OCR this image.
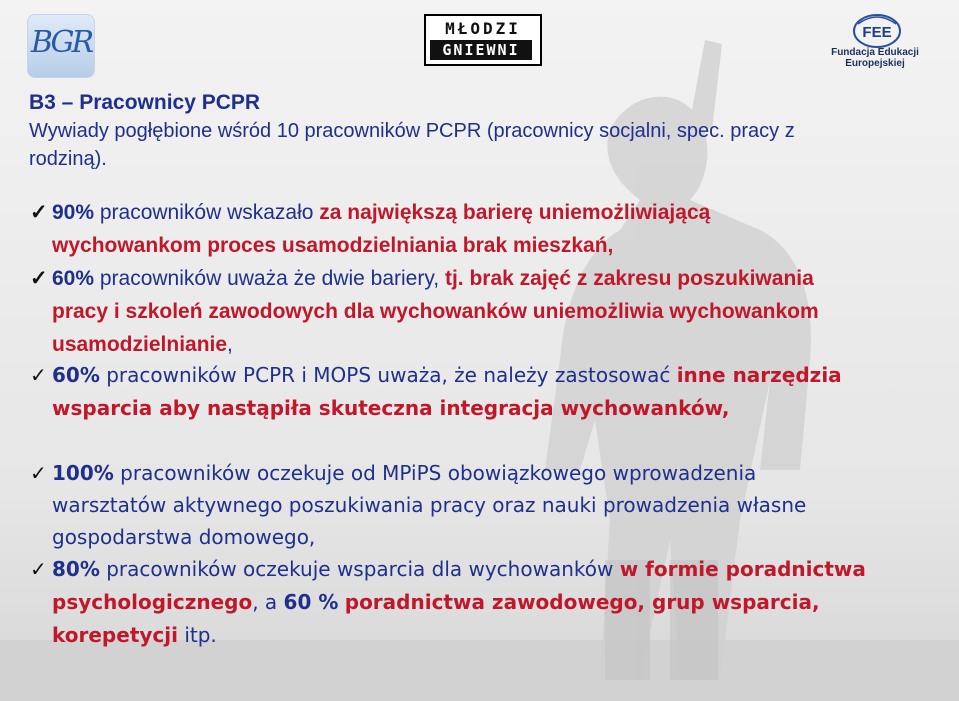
BGR	MŁODZI
GNIEWNI
FEE
Fundacja Edukacji Europejskiej
B3 – Pracownicy PCPR
Wywiady pogłębione wśród 10 pracowników PCPR (pracownicy socjalni, spec. pracy z
rodziną).
✓ 90% pracowników wskazało za największą barierę uniemożliwiającą
wychowankom proces usamodzielniania brak mieszkań,
✓ 60% pracowników uważa że dwie bariery, tj. brak zajęć z zakresu poszukiwania
pracy i szkoleń zawodowych dla wychowanków uniemożliwia wychowankom
usamodzielnianie,
✓ 60% pracowników PCPR i MOPS uważa, że należy zastosować inne narzędzia
wsparcia aby nastąpiła skuteczna integracja wychowanków,
✓ 100% pracowników oczekuje od MPiPS obowiązkowego wprowadzenia
warsztatów aktywnego poszukiwania pracy oraz nauki prowadzenia własne
gospodarstwa domowego,
✓ 80% pracowników oczekuje wsparcia dla wychowanków w formie poradnictwa
psychologicznego, a 60 % poradnictwa zawodowego, grup wsparcia,
korepetycji itp.
